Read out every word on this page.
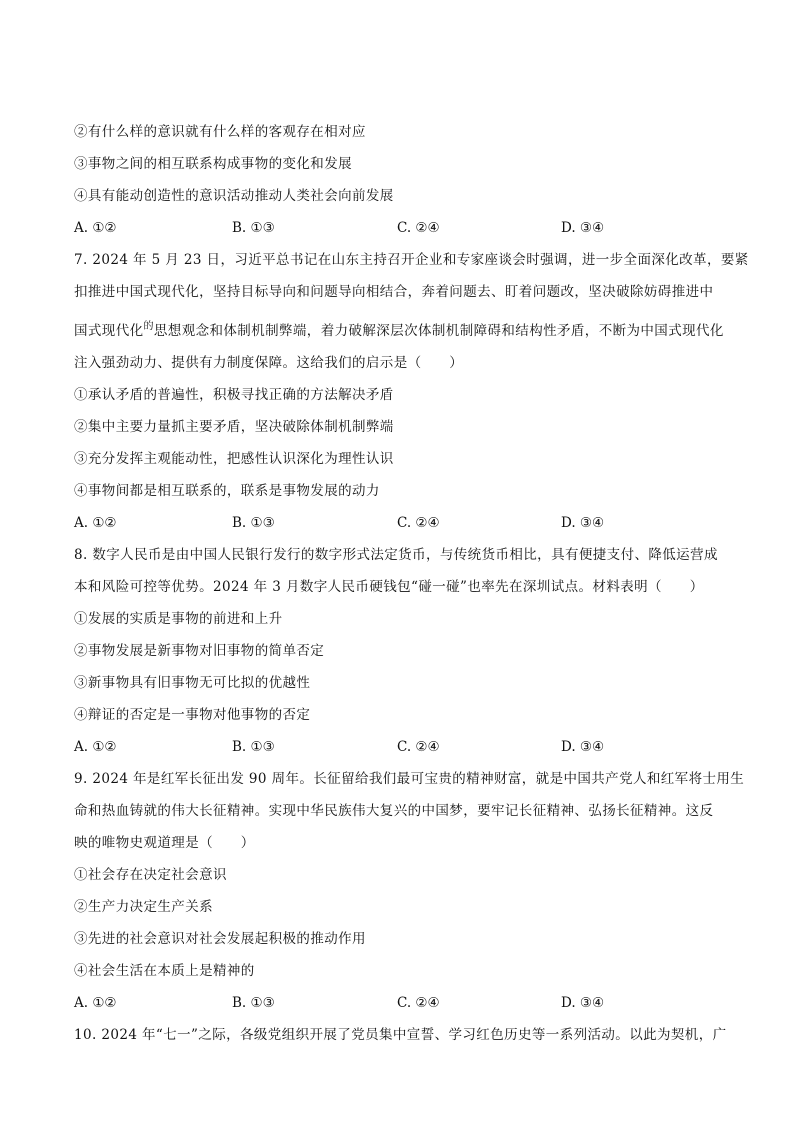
②有什么样的意识就有什么样的客观存在相对应
③事物之间的相互联系构成事物的变化和发展
④具有能动创造性的意识活动推动人类社会向前发展
A. ①②	B. ①③	C. ②④	D. ③④
7. 2024 年 5 月 23 日，习近平总书记在山东主持召开企业和专家座谈会时强调，进一步全面深化改革，要紧
扣推进中国式现代化，坚持目标导向和问题导向相结合，奔着问题去、盯着问题改，坚决破除妨碍推进中
国式现代化$^的$思想观念和体制机制弊端，着力破解深层次体制机制障碍和结构性矛盾，不断为中国式现代化
注入强劲动力、提供有力制度保障。这给我们的启示是（　　）
①承认矛盾的普遍性，积极寻找正确的方法解决矛盾
②集中主要力量抓主要矛盾，坚决破除体制机制弊端
③充分发挥主观能动性，把感性认识深化为理性认识
④事物间都是相互联系的，联系是事物发展的动力
A. ①②	B. ①③	C. ②④	D. ③④
8. 数字人民币是由中国人民银行发行的数字形式法定货币，与传统货币相比，具有便捷支付、降低运营成
本和风险可控等优势。2024 年 3 月数字人民币硬钱包“碰一碰”也率先在深圳试点。材料表明（　　）
①发展的实质是事物的前进和上升
②事物发展是新事物对旧事物的简单否定
③新事物具有旧事物无可比拟的优越性
④辩证的否定是一事物对他事物的否定
A. ①②	B. ①③	C. ②④	D. ③④
9. 2024 年是红军长征出发 90 周年。长征留给我们最可宝贵的精神财富，就是中国共产党人和红军将士用生
命和热血铸就的伟大长征精神。实现中华民族伟大复兴的中国梦，要牢记长征精神、弘扬长征精神。这反
映的唯物史观道理是（　　）
①社会存在决定社会意识
②生产力决定生产关系
③先进的社会意识对社会发展起积极的推动作用
④社会生活在本质上是精神的
A. ①②	B. ①③	C. ②④	D. ③④
10. 2024 年“七一”之际，各级党组织开展了党员集中宣誓、学习红色历史等一系列活动。以此为契机，广
